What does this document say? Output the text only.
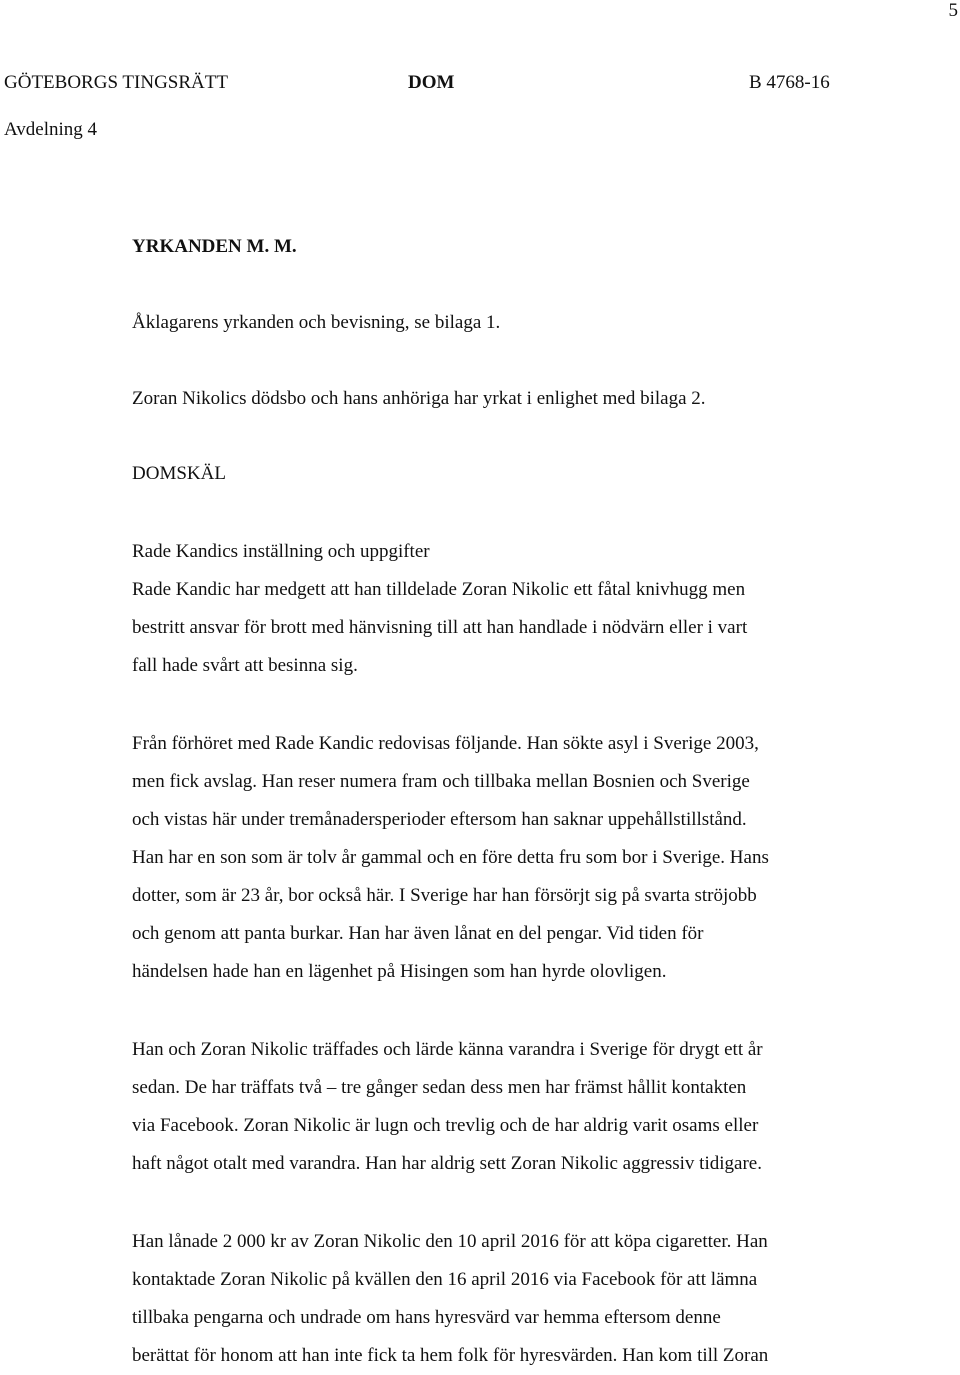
5
GÖTEBORGS TINGSRÄTT	DOM	B 4768-16
Avdelning 4
YRKANDEN M. M.

Åklagarens yrkanden och bevisning, se bilaga 1.

Zoran Nikolics dödsbo och hans anhöriga har yrkat i enlighet med bilaga 2.

DOMSKÄL

Rade Kandics inställning och uppgifter

Rade Kandic har medgett att han tilldelade Zoran Nikolic ett fåtal knivhugg men
bestritt ansvar för brott med hänvisning till att han handlade i nödvärn eller i vart
fall hade svårt att besinna sig.

Från förhöret med Rade Kandic redovisas följande. Han sökte asyl i Sverige 2003,
men fick avslag. Han reser numera fram och tillbaka mellan Bosnien och Sverige
och vistas här under tremånadersperioder eftersom han saknar uppehållstillstånd.
Han har en son som är tolv år gammal och en före detta fru som bor i Sverige. Hans
dotter, som är 23 år, bor också här. I Sverige har han försörjt sig på svarta ströjobb
och genom att panta burkar. Han har även lånat en del pengar. Vid tiden för
händelsen hade han en lägenhet på Hisingen som han hyrde olovligen.

Han och Zoran Nikolic träffades och lärde känna varandra i Sverige för drygt ett år
sedan. De har träffats två – tre gånger sedan dess men har främst hållit kontakten
via Facebook. Zoran Nikolic är lugn och trevlig och de har aldrig varit osams eller
haft något otalt med varandra. Han har aldrig sett Zoran Nikolic aggressiv tidigare.

Han lånade 2 000 kr av Zoran Nikolic den 10 april 2016 för att köpa cigaretter. Han
kontaktade Zoran Nikolic på kvällen den 16 april 2016 via Facebook för att lämna
tillbaka pengarna och undrade om hans hyresvärd var hemma eftersom denne
berättat för honom att han inte fick ta hem folk för hyresvärden. Han kom till Zoran
